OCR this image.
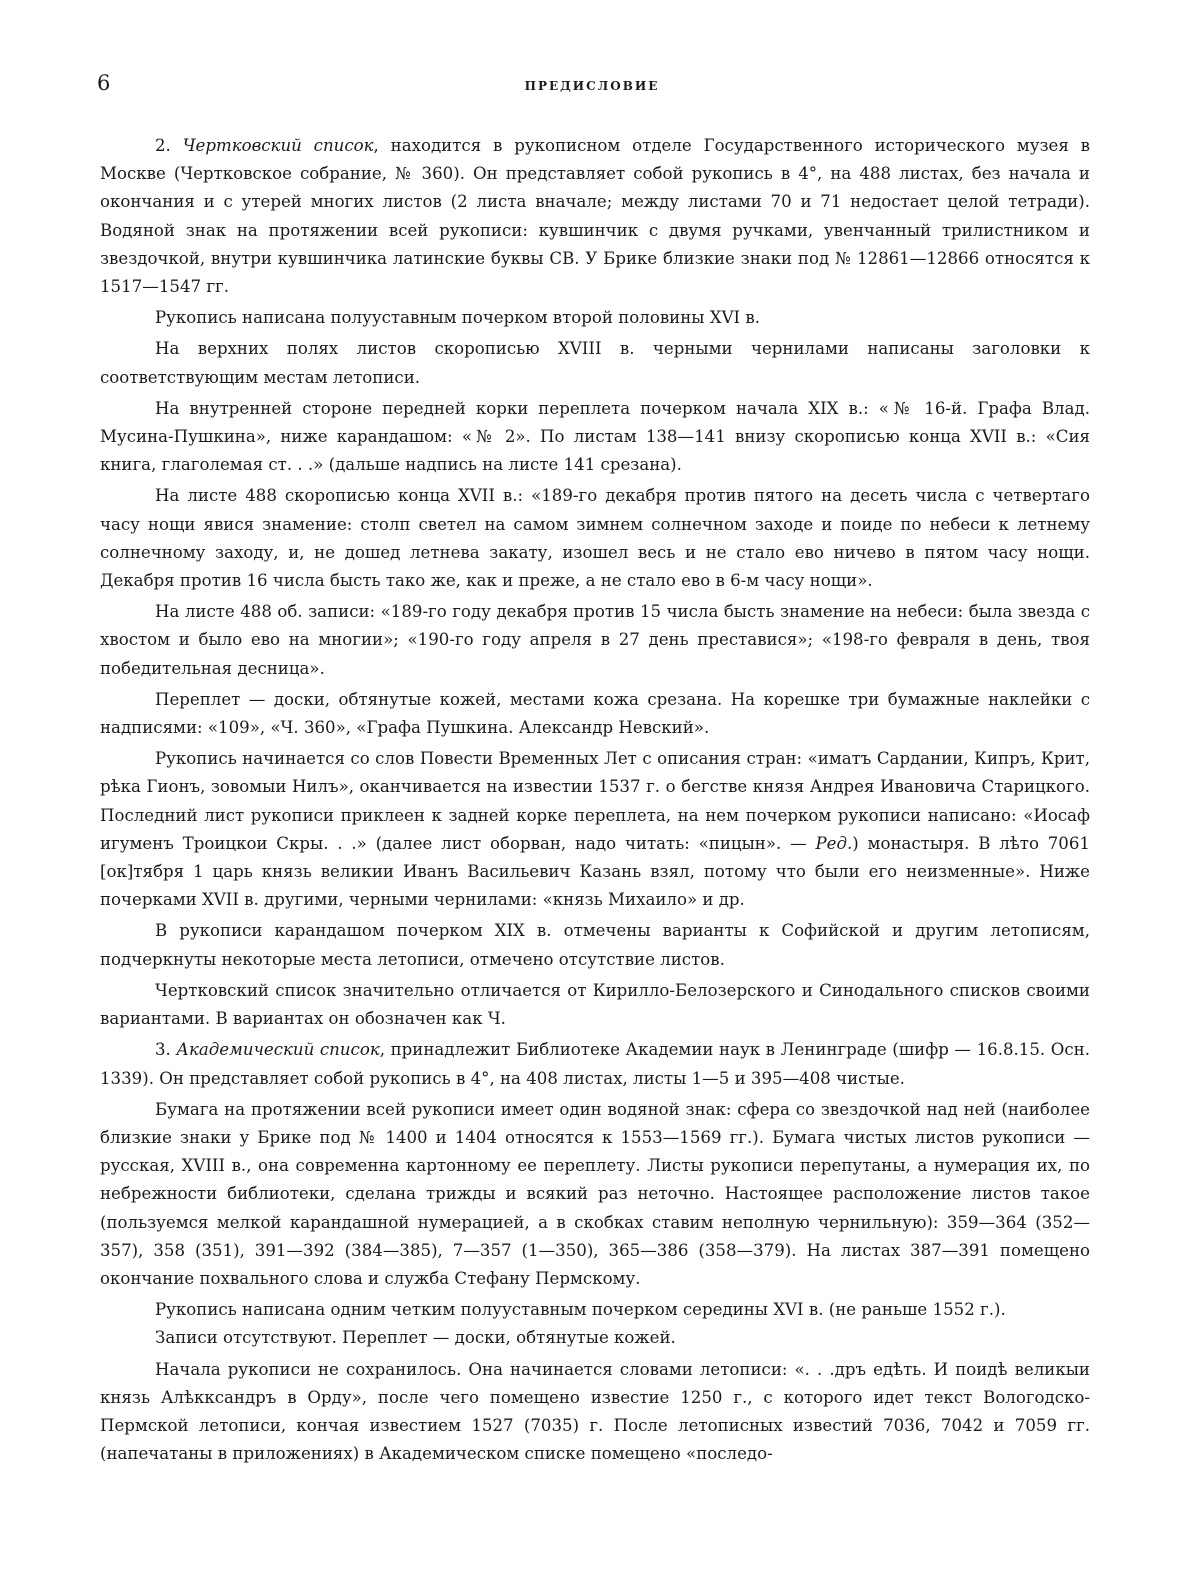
6	ПРЕДИСЛОВИЕ

2. Чертковский список, находится в рукописном отделе Государственного исторического музея в Москве (Чертковское собрание, № 360). Он представляет собой рукопись в 4°, на 488 листах, без начала и окончания и с утерей многих листов (2 листа вначале; между листами 70 и 71 недостает целой тетради). Водяной знак на протяжении всей рукописи: кувшинчик с двумя ручками, увенчанный трилистником и звездочкой, внутри кувшинчика латинские буквы CB. У Брике близкие знаки под № 12861—12866 относятся к 1517—1547 гг.

Рукопись написана полууставным почерком второй половины XVI в.

На верхних полях листов скорописью XVIII в. черными чернилами написаны заголовки к соответствующим местам летописи.

На внутренней стороне передней корки переплета почерком начала XIX в.: «№ 16-й. Графа Влад. Мусина-Пушкина», ниже карандашом: «№ 2». По листам 138—141 внизу скорописью конца XVII в.: «Сия книга, глаголемая ст. . .» (дальше надпись на листе 141 срезана).

На листе 488 скорописью конца XVII в.: «189-го декабря против пятого на десеть числа с четвертаго часу нощи явися знамение: столп светел на самом зимнем солнечном заходе и поиде по небеси к летнему солнечному заходу, и, не дошед летнева закату, изошел весь и не стало ево ничево в пятом часу нощи. Декабря против 16 числа бысть тако же, как и преже, а не стало ево в 6-м часу нощи».

На листе 488 об. записи: «189-го году декабря против 15 числа бысть знамение на небеси: была звезда с хвостом и было ево на многии»; «190-го году апреля в 27 день преставися»; «198-го февраля в день, твоя победительная десница».

Переплет — доски, обтянутые кожей, местами кожа срезана. На корешке три бумажные наклейки с надписями: «109», «Ч. 360», «Графа Пушкина. Александр Невский».

Рукопись начинается со слов Повести Временных Лет с описания стран: «иматъ Сардании, Кипръ, Крит, рѣка Гионъ, зовомыи Нилъ», оканчивается на известии 1537 г. о бегстве князя Андрея Ивановича Старицкого. Последний лист рукописи приклеен к задней корке переплета, на нем почерком рукописи написано: «Иосаф игуменъ Троицкои Скры. . .» (далее лист оборван, надо читать: «пицын». — Ред.) монастыря. В лѣто 7061 [ок]тября 1 царь князь великии Иванъ Васильевич Казань взял, потому что были его неизменные». Ниже почерками XVII в. другими, черными чернилами: «князь Михаило» и др.

В рукописи карандашом почерком XIX в. отмечены варианты к Софийской и другим летописям, подчеркнуты некоторые места летописи, отмечено отсутствие листов.

Чертковский список значительно отличается от Кирилло-Белозерского и Синодального списков своими вариантами. В вариантах он обозначен как Ч.

3. Академический список, принадлежит Библиотеке Академии наук в Ленинграде (шифр — 16.8.15. Осн. 1339). Он представляет собой рукопись в 4°, на 408 листах, листы 1—5 и 395—408 чистые.

Бумага на протяжении всей рукописи имеет один водяной знак: сфера со звездочкой над ней (наиболее близкие знаки у Брике под № 1400 и 1404 относятся к 1553—1569 гг.). Бумага чистых листов рукописи — русская, XVIII в., она современна картонному ее переплету. Листы рукописи перепутаны, а нумерация их, по небрежности библиотеки, сделана трижды и всякий раз неточно. Настоящее расположение листов такое (пользуемся мелкой карандашной нумерацией, а в скобках ставим неполную чернильную): 359—364 (352—357), 358 (351), 391—392 (384—385), 7—357 (1—350), 365—386 (358—379). На листах 387—391 помещено окончание похвального слова и служба Стефану Пермскому.

Рукопись написана одним четким полууставным почерком середины XVI в. (не раньше 1552 г.).

Записи отсутствуют. Переплет — доски, обтянутые кожей.

Начала рукописи не сохранилось. Она начинается словами летописи: «. . .дръ едѣть. И поидѣ великыи князь Алѣкксандръ в Орду», после чего помещено известие 1250 г., с которого идет текст Вологодско-Пермской летописи, кончая известием 1527 (7035) г. После летописных известий 7036, 7042 и 7059 гг. (напечатаны в приложениях) в Академическом списке помещено «последо-
